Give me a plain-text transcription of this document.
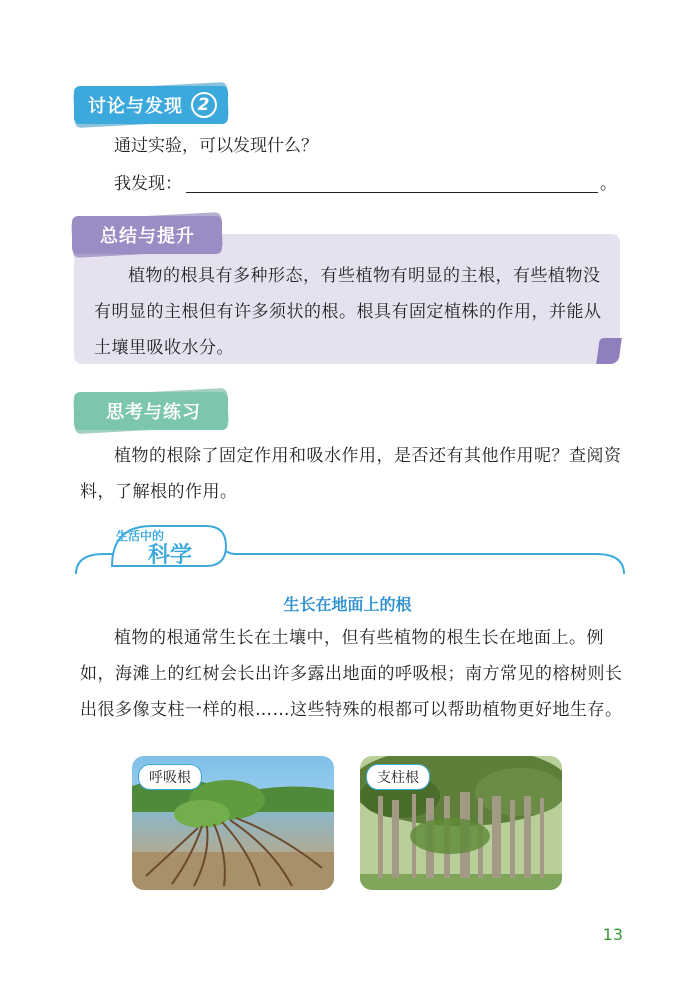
讨论与发现 2
通过实验，可以发现什么？
我发现：	。
总结与提升
植物的根具有多种形态，有些植物有明显的主根，有些植物没有明显的主根但有许多须状的根。根具有固定植株的作用，并能从土壤里吸收水分。
思考与练习
植物的根除了固定作用和吸水作用，是否还有其他作用呢？查阅资料，了解根的作用。
生活中的
科学
生长在地面上的根
植物的根通常生长在土壤中，但有些植物的根生长在地面上。例如，海滩上的红树会长出许多露出地面的呼吸根；南方常见的榕树则长出很多像支柱一样的根……这些特殊的根都可以帮助植物更好地生存。
呼吸根	支柱根
13
